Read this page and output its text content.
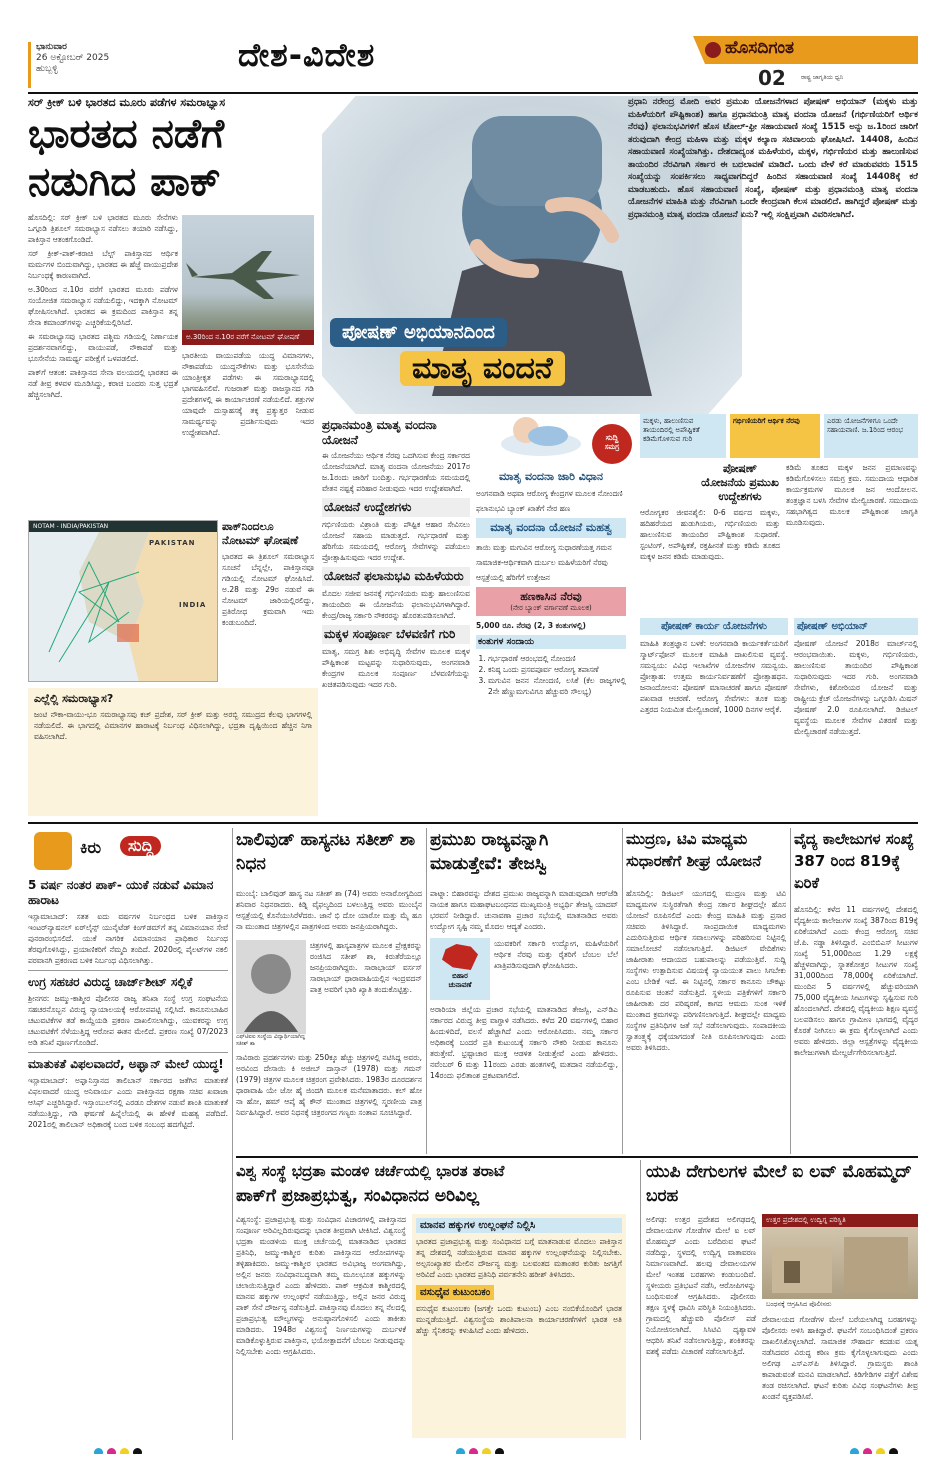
ಭಾನುವಾರ
26 ಅಕ್ಟೋಬರ್ 2025
ಹುಬ್ಬಳ್ಳಿ	ದೇಶ-ವಿದೇಶ	ಹೊಸದಿಗಂತ
02	ರಾಷ್ಟ್ರ ಜಾಗೃತಿಯ ಧ್ವನಿ
ಸರ್ ಕ್ರೀಕ್ ಬಳಿ ಭಾರತದ ಮೂರು ಪಡೆಗಳ ಸಮರಾಭ್ಯಾಸ
ಭಾರತದ ನಡೆಗೆ ನಡುಗಿದ ಪಾಕ್

ಹೊಸದಿಲ್ಲಿ: ಸರ್ ಕ್ರೀಕ್ ಬಳಿ ಭಾರತದ ಮೂರು ಸೇನೆಗಳು ಒಗ್ಗೂಡಿ ತ್ರಿಶೂಲ್ ಸಮರಾಭ್ಯಾಸ ನಡೆಸಲು ತಯಾರಿ ನಡೆಸಿದ್ದು, ಪಾಕಿಸ್ತಾನ ಆತಂಕಗೊಂಡಿದೆ.

ಸರ್ ಕ್ರೀಕ್-ಪಾಕ್-ಕರಾಚಿ ಬೆಲ್ಟ್ ಪಾಕಿಸ್ತಾನದ ಆರ್ಥಿಕ ಮರ್ಮಗಳ ಬಿಂದುವಾಗಿದ್ದು, ಭಾರತದ ಈ ಹೆಜ್ಜೆ ವಾಯುಪ್ರದೇಶ ನಿರ್ಬಂಧಕ್ಕೆ ಕಾರಣವಾಗಿದೆ.

ಅ.30ರಿಂದ ನ.10ರ ವರೆಗೆ ಭಾರತದ ಮೂರು ಪಡೆಗಳ ಸಂಯೋಜಿತ ಸಮರಾಭ್ಯಾಸ ನಡೆಯಲಿದ್ದು, ಇದಕ್ಕಾಗಿ ನೋಟಮ್ ಘೋಷಿಸಲಾಗಿದೆ. ಭಾರತದ ಈ ಕ್ರಮದಿಂದ ಪಾಕಿಸ್ತಾನ ತನ್ನ ಸೇನಾ ಕಮಾಂಡ್‌ಗಳನ್ನು ಎಚ್ಚರಿಕೆಯಲ್ಲಿರಿಸಿದೆ.

ಈ ಸಮರಾಭ್ಯಾಸವು ಭಾರತದ ಪಶ್ಚಿಮ ಗಡಿಯಲ್ಲಿ ನಿರ್ಣಾಯಕ ಪ್ರದರ್ಶನವಾಗಲಿದ್ದು, ವಾಯುಪಡೆ, ನೌಕಾಪಡೆ ಮತ್ತು ಭೂಸೇನೆಯ ಸಾಮರ್ಥ್ಯ ಪರೀಕ್ಷೆಗೆ ಒಳಪಡಲಿದೆ.

ಪಾಕ್‌ಗೆ ಆತಂಕ: ಪಾಕಿಸ್ತಾನದ ಸೇನಾ ವಲಯದಲ್ಲಿ ಭಾರತದ ಈ ನಡೆ ತೀವ್ರ ಕಳವಳ ಮೂಡಿಸಿದ್ದು, ಕರಾಚಿ ಬಂದರು ಸುತ್ತ ಭದ್ರತೆ ಹೆಚ್ಚಿಸಲಾಗಿದೆ.

ಅ.30ರಿಂದ ನ.10ರ ವರೆಗೆ ನೋಟಮ್ ಘೋಷಣೆ
ಭಾರತೀಯ ವಾಯುಪಡೆಯ ಯುದ್ಧ ವಿಮಾನಗಳು, ನೌಕಾಪಡೆಯ ಯುದ್ಧನೌಕೆಗಳು ಮತ್ತು ಭೂಸೇನೆಯ ಯಾಂತ್ರೀಕೃತ ಪಡೆಗಳು ಈ ಸಮರಾಭ್ಯಾಸದಲ್ಲಿ ಭಾಗವಹಿಸಲಿವೆ. ಗುಜರಾತ್ ಮತ್ತು ರಾಜಸ್ಥಾನದ ಗಡಿ ಪ್ರದೇಶಗಳಲ್ಲಿ ಈ ಕಾರ್ಯಾಚರಣೆ ನಡೆಯಲಿದೆ. ಶತ್ರುಗಳ ಯಾವುದೇ ದುಸ್ಸಾಹಸಕ್ಕೆ ತಕ್ಕ ಪ್ರತ್ಯುತ್ತರ ನೀಡುವ ಸಾಮರ್ಥ್ಯವನ್ನು ಪ್ರದರ್ಶಿಸುವುದು ಇದರ ಉದ್ದೇಶವಾಗಿದೆ.
NOTAM - INDIA/PAKISTAN
PAKISTAN
INDIA
ಪಾಕ್‌ನಿಂದಲೂ ನೋಟಮ್ ಘೋಷಣೆ
ಭಾರತದ ಈ ತ್ರಿಶೂಲ್ ಸಮರಾಭ್ಯಾಸ ಸೂಚನೆ ಬೆನ್ನಲ್ಲೇ, ಪಾಕಿಸ್ತಾನವೂ ಗಡಿಯಲ್ಲಿ ನೋಟಮ್ ಘೋಷಿಸಿದೆ. ಅ.28 ಮತ್ತು 29ರ ನಡುವೆ ಈ ನೋಟಮ್ ಜಾರಿಯಲ್ಲಿರಲಿದ್ದು, ಪ್ರತಿರೋಧ ಕ್ರಮವಾಗಿ ಇದು ಕಂಡುಬಂದಿದೆ.
ಎಲ್ಲೆಲ್ಲಿ ಸಮರಾಭ್ಯಾಸ?
ಜಂಟಿ ನೌಕಾ-ವಾಯು-ಭೂ ಸಮರಾಭ್ಯಾಸವು ಕಚ್ ಪ್ರದೇಶ, ಸರ್ ಕ್ರೀಕ್ ಮತ್ತು ಅರಬ್ಬಿ ಸಮುದ್ರದ ಕೆಲವು ಭಾಗಗಳಲ್ಲಿ ನಡೆಯಲಿದೆ. ಈ ಭಾಗದಲ್ಲಿ ವಿಮಾನಗಳ ಹಾರಾಟಕ್ಕೆ ನಿರ್ಬಂಧ ವಿಧಿಸಲಾಗಿದ್ದು, ಭದ್ರತಾ ದೃಷ್ಟಿಯಿಂದ ಹೆಚ್ಚಿನ ನಿಗಾ ವಹಿಸಲಾಗಿದೆ.
ಪ್ರಧಾನಿ ನರೇಂದ್ರ ಮೋದಿ ಅವರ ಪ್ರಮುಖ ಯೋಜನೆಗಳಾದ ಪೋಷಣ್ ಅಭಿಯಾನ್ (ಮಕ್ಕಳು ಮತ್ತು ಮಹಿಳೆಯರಿಗೆ ಪೌಷ್ಟಿಕಾಂಶ) ಹಾಗೂ ಪ್ರಧಾನಮಂತ್ರಿ ಮಾತೃ ವಂದನಾ ಯೋಜನೆ (ಗರ್ಭಿಣಿಯರಿಗೆ ಆರ್ಥಿಕ ನೆರವು) ಫಲಾನುಭವಿಗಳಿಗೆ ಹೊಸ ಟೋಲ್-ಫ್ರೀ ಸಹಾಯವಾಣಿ ಸಂಖ್ಯೆ 1515 ಅನ್ನು ಜ.1ರಿಂದ ಜಾರಿಗೆ ತರುವುದಾಗಿ ಕೇಂದ್ರ ಮಹಿಳಾ ಮತ್ತು ಮಕ್ಕಳ ಕಲ್ಯಾಣ ಸಚಿವಾಲಯ ಘೋಷಿಸಿದೆ. 14408, ಹಿಂದಿನ ಸಹಾಯವಾಣಿ ಸಂಖ್ಯೆಯಾಗಿತ್ತು. ದೇಶದಾದ್ಯಂತ ಮಹಿಳೆಯರ, ಮಕ್ಕಳ, ಗರ್ಭಿಣಿಯರ ಮತ್ತು ಹಾಲುಣಿಸುವ ತಾಯಂದಿರ ನೆರವಿಗಾಗಿ ಸರ್ಕಾರ ಈ ಬದಲಾವಣೆ ಮಾಡಿದೆ. ಒಂದು ವೇಳೆ ಕರೆ ಮಾಡುವವರು 1515 ಸಂಖ್ಯೆಯನ್ನು ಸಂಪರ್ಕಿಸಲು ಸಾಧ್ಯವಾಗದಿದ್ದರೆ ಹಿಂದಿನ ಸಹಾಯವಾಣಿ ಸಂಖ್ಯೆ 14408ಕ್ಕೆ ಕರೆ ಮಾಡಬಹುದು. ಹೊಸ ಸಹಾಯವಾಣಿ ಸಂಖ್ಯೆ, ಪೋಷಣ್ ಮತ್ತು ಪ್ರಧಾನಮಂತ್ರಿ ಮಾತೃ ವಂದನಾ ಯೋಜನೆಗಳ ಮಾಹಿತಿ ಮತ್ತು ನೆರವಿಗಾಗಿ ಒಂದೇ ಕೇಂದ್ರವಾಗಿ ಕೆಲಸ ಮಾಡಲಿದೆ. ಹಾಗಿದ್ದರೆ ಪೋಷಣ್ ಮತ್ತು ಪ್ರಧಾನಮಂತ್ರಿ ಮಾತೃ ವಂದನಾ ಯೋಜನೆ ಏನು? ಇಲ್ಲಿ ಸಂಕ್ಷಿಪ್ತವಾಗಿ ವಿವರಿಸಲಾಗಿದೆ.
ಪೋಷಣ್ ಅಭಿಯಾನದಿಂದ ಮಾತೃ ವಂದನೆ
ಸುದ್ದಿ
ಸಮಗ್ರ
ಪ್ರಧಾನಮಂತ್ರಿ ಮಾತೃ ವಂದನಾ ಯೋಜನೆ
ಈ ಯೋಜನೆಯು ಆರ್ಥಿಕ ನೆರವು ಒದಗಿಸುವ ಕೇಂದ್ರ ಸರ್ಕಾರದ ಯೋಜನೆಯಾಗಿದೆ. ಮಾತೃ ವಂದನಾ ಯೋಜನೆಯು 2017ರ ಜ.1ರಂದು ಜಾರಿಗೆ ಬಂದಿತ್ತು. ಗರ್ಭಧಾರಣೆಯ ಸಮಯದಲ್ಲಿ ವೇತನ ನಷ್ಟಕ್ಕೆ ಪರಿಹಾರ ನೀಡುವುದು ಇದರ ಉದ್ದೇಶವಾಗಿದೆ.
ಯೋಜನೆ ಉದ್ದೇಶಗಳು
ಗರ್ಭಿಣಿಯರು ವಿಶ್ರಾಂತಿ ಮತ್ತು ಪೌಷ್ಟಿಕ ಆಹಾರ ಸೇವಿಸಲು ಯೋಜನೆ ಸಹಾಯ ಮಾಡುತ್ತದೆ. ಗರ್ಭಧಾರಣೆ ಮತ್ತು ಹೆರಿಗೆಯ ಸಮಯದಲ್ಲಿ ಆರೋಗ್ಯ ಸೇವೆಗಳನ್ನು ಪಡೆಯಲು ಪ್ರೋತ್ಸಾಹಿಸುವುದು ಇದರ ಉದ್ದೇಶ.
ಯೋಜನೆ ಫಲಾನುಭವಿ ಮಹಿಳೆಯರು
ಮೊದಲ ಸಜೀವ ಜನನಕ್ಕೆ ಗರ್ಭಿಣಿಯರು ಮತ್ತು ಹಾಲುಣಿಸುವ ತಾಯಂದಿರು ಈ ಯೋಜನೆಯ ಫಲಾನುಭವಿಗಳಾಗಿದ್ದಾರೆ. ಕೇಂದ್ರ/ರಾಜ್ಯ ಸರ್ಕಾರಿ ನೌಕರರನ್ನು ಹೊರತುಪಡಿಸಲಾಗಿದೆ.
ಮಕ್ಕಳ ಸಂಪೂರ್ಣ ಬೆಳವಣಿಗೆ ಗುರಿ
ಮಾತೃ, ಸಮಗ್ರ ಶಿಶು ಅಭಿವೃದ್ಧಿ ಸೇವೆಗಳ ಮೂಲಕ ಮಕ್ಕಳ ಪೌಷ್ಟಿಕಾಂಶ ಮಟ್ಟವನ್ನು ಸುಧಾರಿಸುವುದು, ಅಂಗನವಾಡಿ ಕೇಂದ್ರಗಳ ಮೂಲಕ ಸಂಪೂರ್ಣ ಬೆಳವಣಿಗೆಯನ್ನು ಖಚಿತಪಡಿಸುವುದು ಇದರ ಗುರಿ.
ಮಾತೃ ವಂದನಾ ಜಾರಿ ವಿಧಾನ
ಅಂಗನವಾಡಿ ಅಥವಾ ಆರೋಗ್ಯ ಕೇಂದ್ರಗಳ ಮೂಲಕ ನೋಂದಣಿ
ಫಲಾನುಭವಿ ಬ್ಯಾಂಕ್ ಖಾತೆಗೆ ನೇರ ಹಣ
ಮಾತೃ ವಂದನಾ ಯೋಜನೆ ಮಹತ್ವ
ತಾಯಿ ಮತ್ತು ಮಗುವಿನ ಆರೋಗ್ಯ ಸುಧಾರಣೆಯತ್ತ ಗಮನ
ಸಾಮಾಜಿಕ-ಆರ್ಥಿಕವಾಗಿ ದುರ್ಬಲ ಮಹಿಳೆಯರಿಗೆ ನೆರವು
ಆಸ್ಪತ್ರೆಯಲ್ಲಿ ಹೆರಿಗೆಗೆ ಉತ್ತೇಜನ
ಹಣಕಾಸಿನ ನೆರವು
(ನೇರ ಬ್ಯಾಂಕ್ ವರ್ಗಾವಣೆ ಮೂಲಕ)
5,000 ರೂ. ನೆರವು (2, 3 ಕಂತುಗಳಲ್ಲಿ)
ಕಂತುಗಳ ಸಂದಾಯ
1. ಗರ್ಭಧಾರಣೆ ಆರಂಭದಲ್ಲಿ ನೋಂದಣಿ
2. ಕನಿಷ್ಠ ಒಂದು ಪ್ರಸವಪೂರ್ವ ಆರೋಗ್ಯ ತಪಾಸಣೆ
3. ಮಗುವಿನ ಜನನ ನೋಂದಣಿ, ಲಸಿಕೆ (ಕೆಲ ರಾಜ್ಯಗಳಲ್ಲಿ 2ನೇ ಹೆಣ್ಣುಮಗುವಿಗೂ ಹೆಚ್ಚುವರಿ ಸೌಲಭ್ಯ)
ಮಕ್ಕಳು, ಹಾಲುಣಿಸುವ ತಾಯಂದಿರಲ್ಲಿ ಅಪೌಷ್ಟಿಕತೆ ಕಡಿಮೆಗೊಳಿಸುವ ಗುರಿ
ಗರ್ಭಿಣಿಯರಿಗೆ ಆರ್ಥಿಕ ನೆರವು	ಎರಡು ಯೋಜನೆಗಳಿಗೂ ಒಂದೇ ಸಹಾಯವಾಣಿ. ಜ.1ರಿಂದ ಆರಂಭ
ಪೋಷಣ್ ಯೋಜನೆಯ ಪ್ರಮುಖ ಉದ್ದೇಶಗಳು
ಆರೋಗ್ಯಕರ ಜೀವನಶೈಲಿ: 0-6 ವರ್ಷದ ಮಕ್ಕಳು, ಹದಿಹರೆಯದ ಹುಡುಗಿಯರು, ಗರ್ಭಿಣಿಯರು ಮತ್ತು ಹಾಲುಣಿಸುವ ತಾಯಂದಿರ ಪೌಷ್ಟಿಕಾಂಶ ಸುಧಾರಣೆ. ಸ್ಟಂಟಿಂಗ್, ಅಪೌಷ್ಟಿಕತೆ, ರಕ್ತಹೀನತೆ ಮತ್ತು ಕಡಿಮೆ ತೂಕದ ಮಕ್ಕಳ ಜನನ ಕಡಿಮೆ ಮಾಡುವುದು.
ಕಡಿಮೆ ತೂಕದ ಮಕ್ಕಳ ಜನನ ಪ್ರಮಾಣವನ್ನು ಕಡಿಮೆಗೊಳಿಸಲು ಸಮಗ್ರ ಕ್ರಮ. ಸಮುದಾಯ ಆಧಾರಿತ ಕಾರ್ಯಕ್ರಮಗಳ ಮೂಲಕ ಜನ ಆಂದೋಲನ. ತಂತ್ರಜ್ಞಾನ ಬಳಸಿ ಸೇವೆಗಳ ಮೇಲ್ವಿಚಾರಣೆ. ಸಮುದಾಯ ಸಹಭಾಗಿತ್ವದ ಮೂಲಕ ಪೌಷ್ಟಿಕಾಂಶ ಜಾಗೃತಿ ಮೂಡಿಸುವುದು.
ಪೋಷಣ್ ಕಾರ್ಯ ಯೋಜನೆಗಳು
ಮಾಹಿತಿ ತಂತ್ರಜ್ಞಾನ ಬಳಕೆ: ಅಂಗನವಾಡಿ ಕಾರ್ಯಕರ್ತೆಯರಿಗೆ ಸ್ಮಾರ್ಟ್‌ಫೋನ್ ಮೂಲಕ ಮಾಹಿತಿ ದಾಖಲಿಸುವ ವ್ಯವಸ್ಥೆ. ಸಮನ್ವಯ: ವಿವಿಧ ಇಲಾಖೆಗಳ ಯೋಜನೆಗಳ ಸಮನ್ವಯ. ಪ್ರೋತ್ಸಾಹ: ಉತ್ತಮ ಕಾರ್ಯನಿರ್ವಹಣೆಗೆ ಪ್ರೋತ್ಸಾಹಧನ. ಜನಾಂದೋಲನ: ಪೋಷಣ್ ಮಾಸಾಚರಣೆ ಹಾಗೂ ಪೋಷಣ್ ಪಖವಾಡ ಆಚರಣೆ. ಆರೋಗ್ಯ ಸೇವೆಗಳು: ತೂಕ ಮತ್ತು ಎತ್ತರದ ನಿಯಮಿತ ಮೇಲ್ವಿಚಾರಣೆ, 1000 ದಿನಗಳ ಆರೈಕೆ.
ಪೋಷಣ್ ಅಭಿಯಾನ್
ಪೋಷಣ್ ಯೋಜನೆ 2018ರ ಮಾರ್ಚ್‌ನಲ್ಲಿ ಆರಂಭವಾಯಿತು. ಮಕ್ಕಳು, ಗರ್ಭಿಣಿಯರು, ಹಾಲುಣಿಸುವ ತಾಯಂದಿರ ಪೌಷ್ಟಿಕಾಂಶ ಸುಧಾರಿಸುವುದು ಇದರ ಗುರಿ. ಅಂಗನವಾಡಿ ಸೇವೆಗಳು, ಕಿಶೋರಿಯರ ಯೋಜನೆ ಮತ್ತು ರಾಷ್ಟ್ರೀಯ ಕ್ರೆಚ್ ಯೋಜನೆಗಳನ್ನು ಒಗ್ಗೂಡಿಸಿ ಮಿಷನ್ ಪೋಷಣ್ 2.0 ರೂಪಿಸಲಾಗಿದೆ. ಡಿಜಿಟಲ್ ವ್ಯವಸ್ಥೆಯ ಮೂಲಕ ಸೇವೆಗಳ ವಿತರಣೆ ಮತ್ತು ಮೇಲ್ವಿಚಾರಣೆ ನಡೆಯುತ್ತದೆ.
ಕಿರು	ಸುದ್ದಿ
5 ವರ್ಷ ನಂತರ ಪಾಕ್- ಯುಕೆ ನಡುವೆ ವಿಮಾನ ಹಾರಾಟ
ಇಸ್ಲಾಮಾಬಾದ್: ಸತತ ಐದು ವರ್ಷಗಳ ನಿರ್ಬಂಧದ ಬಳಿಕ ಪಾಕಿಸ್ತಾನ ಇಂಟರ್‌ನ್ಯಾಷನಲ್ ಏರ್‌ಲೈನ್ಸ್ ಯುನೈಟೆಡ್ ಕಿಂಗ್‌ಡಮ್‌ಗೆ ತನ್ನ ವಿಮಾನಯಾನ ಸೇವೆ ಪುನರಾರಂಭಿಸಲಿದೆ. ಯುಕೆ ನಾಗರಿಕ ವಿಮಾನಯಾನ ಪ್ರಾಧಿಕಾರ ನಿರ್ಬಂಧ ತೆರವುಗೊಳಿಸಿದ್ದು, ಪ್ರಯಾಣಿಕರಿಗೆ ನೆಮ್ಮದಿ ತಂದಿದೆ. 2020ರಲ್ಲಿ ಪೈಲಟ್‌ಗಳ ನಕಲಿ ಪರವಾನಗಿ ಪ್ರಕರಣದ ಬಳಿಕ ನಿರ್ಬಂಧ ವಿಧಿಸಲಾಗಿತ್ತು.
ಉಗ್ರ ಸಹಚರ ವಿರುದ್ಧ ಚಾರ್ಜ್‌ಶೀಟ್ ಸಲ್ಲಿಕೆ
ಶ್ರೀನಗರ: ಜಮ್ಮು-ಕಾಶ್ಮೀರ ಪೊಲೀಸರ ರಾಜ್ಯ ತನಿಖಾ ಸಂಸ್ಥೆ ಉಗ್ರ ಸಂಘಟನೆಯ ಸಹಚರನೊಬ್ಬನ ವಿರುದ್ಧ ನ್ಯಾಯಾಲಯಕ್ಕೆ ಆರೋಪಪಟ್ಟಿ ಸಲ್ಲಿಸಿದೆ. ಕಾನೂನುಬಾಹಿರ ಚಟುವಟಿಕೆಗಳ ತಡೆ ಕಾಯ್ದೆಯಡಿ ಪ್ರಕರಣ ದಾಖಲಿಸಲಾಗಿದ್ದು, ಯುವಕರನ್ನು ಉಗ್ರ ಚಟುವಟಿಕೆಗೆ ಸೆಳೆಯುತ್ತಿದ್ದ ಆರೋಪ ಈತನ ಮೇಲಿದೆ. ಪ್ರಕರಣ ಸಂಖ್ಯೆ 07/2023 ಅಡಿ ತನಿಖೆ ಪೂರ್ಣಗೊಂಡಿದೆ.
ಮಾತುಕತೆ ವಿಫಲವಾದರೆ, ಅಫ್ಘಾನ್ ಮೇಲೆ ಯುದ್ಧ!
ಇಸ್ಲಾಮಾಬಾದ್: ಅಫ್ಘಾನಿಸ್ತಾನದ ತಾಲಿಬಾನ್ ಸರ್ಕಾರದ ಜತೆಗಿನ ಮಾತುಕತೆ ವಿಫಲವಾದರೆ ಯುದ್ಧ ಅನಿವಾರ್ಯ ಎಂದು ಪಾಕಿಸ್ತಾನದ ರಕ್ಷಣಾ ಸಚಿವ ಖವಾಜಾ ಆಸಿಫ್ ಎಚ್ಚರಿಸಿದ್ದಾರೆ. ಇಸ್ತಾಂಬುಲ್‌ನಲ್ಲಿ ಎರಡೂ ದೇಶಗಳ ನಡುವೆ ಶಾಂತಿ ಮಾತುಕತೆ ನಡೆಯುತ್ತಿದ್ದು, ಗಡಿ ಘರ್ಷಣೆ ಹಿನ್ನೆಲೆಯಲ್ಲಿ ಈ ಹೇಳಿಕೆ ಮಹತ್ವ ಪಡೆದಿದೆ. 2021ರಲ್ಲಿ ತಾಲಿಬಾನ್ ಅಧಿಕಾರಕ್ಕೆ ಬಂದ ಬಳಿಕ ಸಂಬಂಧ ಹದಗೆಟ್ಟಿದೆ.
ಬಾಲಿವುಡ್ ಹಾಸ್ಯನಟ ಸತೀಶ್ ಶಾ ನಿಧನ
ಮುಂಬೈ: ಬಾಲಿವುಡ್ ಹಾಸ್ಯ ನಟ ಸತೀಶ್ ಶಾ (74) ಅವರು ಅನಾರೋಗ್ಯದಿಂದ ಶನಿವಾರ ನಿಧನರಾದರು. ಕಿಡ್ನಿ ವೈಫಲ್ಯದಿಂದ ಬಳಲುತ್ತಿದ್ದ ಅವರು ಮುಂಬೈನ ಆಸ್ಪತ್ರೆಯಲ್ಲಿ ಕೊನೆಯುಸಿರೆಳೆದರು. ಜಾನೆ ಭಿ ದೋ ಯಾರೋ ಮತ್ತು ಮೈ ಹೂ ನಾ ಮುಂತಾದ ಚಿತ್ರಗಳಲ್ಲಿನ ಪಾತ್ರಗಳಿಂದ ಅವರು ಜನಪ್ರಿಯರಾಗಿದ್ದರು.
ಎಫ್‌ಟಿಐಐ ಸಂಸ್ಥೆಯ ವಿದ್ಯಾರ್ಥಿಯಾಗಿದ್ದ ಸತೀಶ್ ಶಾ
ಚಿತ್ರಗಳಲ್ಲಿ ಹಾಸ್ಯಪಾತ್ರಗಳ ಮೂಲಕ ಪ್ರೇಕ್ಷಕರನ್ನು ರಂಜಿಸಿದ ಸತೀಶ್ ಶಾ, ಕಿರುತೆರೆಯಲ್ಲೂ ಜನಪ್ರಿಯರಾಗಿದ್ದರು. ಸಾರಾಭಾಯ್ ವರ್ಸಸ್ ಸಾರಾಭಾಯ್ ಧಾರಾವಾಹಿಯಲ್ಲಿನ ಇಂದ್ರವದನ್ ಪಾತ್ರ ಅವರಿಗೆ ಭಾರಿ ಖ್ಯಾತಿ ತಂದುಕೊಟ್ಟಿತ್ತು.
ಸಾವಿರಾರು ಪ್ರದರ್ಶನಗಳು ಮತ್ತು 250ಕ್ಕೂ ಹೆಚ್ಚು ಚಿತ್ರಗಳಲ್ಲಿ ನಟಿಸಿದ್ದ ಅವರು, ಅರವಿಂದ ದೇಸಾಯಿ ಕಿ ಅಜೀಬ್ ದಾಸ್ತಾನ್ (1978) ಮತ್ತು ಗಮನ್ (1979) ಚಿತ್ರಗಳ ಮೂಲಕ ಚಿತ್ರರಂಗ ಪ್ರವೇಶಿಸಿದರು. 1983ರ ದೂರದರ್ಶನ ಧಾರಾವಾಹಿ ಯೇ ಜೋ ಹೈ ಜಿಂದಗಿ ಮೂಲಕ ಮನೆಮಾತಾದರು. ಕಲ್ ಹೋ ನಾ ಹೋ, ಹಮ್ ಆಪ್ಕೆ ಹೈ ಕೌನ್ ಮುಂತಾದ ಚಿತ್ರಗಳಲ್ಲಿ ಸ್ಮರಣೀಯ ಪಾತ್ರ ನಿರ್ವಹಿಸಿದ್ದಾರೆ. ಅವರ ನಿಧನಕ್ಕೆ ಚಿತ್ರರಂಗದ ಗಣ್ಯರು ಸಂತಾಪ ಸೂಚಿಸಿದ್ದಾರೆ.
ಪ್ರಮುಖ ರಾಜ್ಯವನ್ನಾಗಿ ಮಾಡುತ್ತೇವೆ: ತೇಜಸ್ವಿ
ಪಾಟ್ನಾ: ಬಿಹಾರವನ್ನು ದೇಶದ ಪ್ರಮುಖ ರಾಜ್ಯವನ್ನಾಗಿ ಮಾಡುವುದಾಗಿ ಆರ್‌ಜೆಡಿ ನಾಯಕ ಹಾಗೂ ಮಹಾಘಟಬಂಧನದ ಮುಖ್ಯಮಂತ್ರಿ ಅಭ್ಯರ್ಥಿ ತೇಜಸ್ವಿ ಯಾದವ್ ಭರವಸೆ ನೀಡಿದ್ದಾರೆ. ಚುನಾವಣಾ ಪ್ರಚಾರ ಸಭೆಯಲ್ಲಿ ಮಾತನಾಡಿದ ಅವರು ಉದ್ಯೋಗ ಸೃಷ್ಟಿ ನಮ್ಮ ಮೊದಲ ಆದ್ಯತೆ ಎಂದರು.
ಬಿಹಾರ
ಚುನಾವಣೆ
ಯುವಕರಿಗೆ ಸರ್ಕಾರಿ ಉದ್ಯೋಗ, ಮಹಿಳೆಯರಿಗೆ ಆರ್ಥಿಕ ನೆರವು ಮತ್ತು ರೈತರಿಗೆ ಬೆಂಬಲ ಬೆಲೆ ಖಾತ್ರಿಪಡಿಸುವುದಾಗಿ ಘೋಷಿಸಿದರು.
ಅರಾರಿಯಾ ಜಿಲ್ಲೆಯ ಪ್ರಚಾರ ಸಭೆಯಲ್ಲಿ ಮಾತನಾಡಿದ ತೇಜಸ್ವಿ, ಎನ್‌ಡಿಎ ಸರ್ಕಾರದ ವಿರುದ್ಧ ತೀವ್ರ ವಾಗ್ದಾಳಿ ನಡೆಸಿದರು. ಕಳೆದ 20 ವರ್ಷಗಳಲ್ಲಿ ಬಿಹಾರ ಹಿಂದುಳಿದಿದೆ, ವಲಸೆ ಹೆಚ್ಚಾಗಿದೆ ಎಂದು ಆರೋಪಿಸಿದರು. ನಮ್ಮ ಸರ್ಕಾರ ಅಧಿಕಾರಕ್ಕೆ ಬಂದರೆ ಪ್ರತಿ ಕುಟುಂಬಕ್ಕೆ ಸರ್ಕಾರಿ ನೌಕರಿ ನೀಡುವ ಕಾನೂನು ತರುತ್ತೇವೆ. ಭ್ರಷ್ಟಾಚಾರ ಮುಕ್ತ ಆಡಳಿತ ನೀಡುತ್ತೇವೆ ಎಂದು ಹೇಳಿದರು. ನವೆಂಬರ್ 6 ಮತ್ತು 11ರಂದು ಎರಡು ಹಂತಗಳಲ್ಲಿ ಮತದಾನ ನಡೆಯಲಿದ್ದು, 14ರಂದು ಫಲಿತಾಂಶ ಪ್ರಕಟವಾಗಲಿದೆ.
ಮುದ್ರಣ, ಟಿವಿ ಮಾಧ್ಯಮ ಸುಧಾರಣೆಗೆ ಶೀಘ್ರ ಯೋಜನೆ
ಹೊಸದಿಲ್ಲಿ: ಡಿಜಿಟಲ್ ಯುಗದಲ್ಲಿ ಮುದ್ರಣ ಮತ್ತು ಟಿವಿ ಮಾಧ್ಯಮಗಳ ಸುಸ್ಥಿರತೆಗಾಗಿ ಕೇಂದ್ರ ಸರ್ಕಾರ ಶೀಘ್ರದಲ್ಲೇ ಹೊಸ ಯೋಜನೆ ರೂಪಿಸಲಿದೆ ಎಂದು ಕೇಂದ್ರ ಮಾಹಿತಿ ಮತ್ತು ಪ್ರಸಾರ ಸಚಿವರು ತಿಳಿಸಿದ್ದಾರೆ. ಸಾಂಪ್ರದಾಯಿಕ ಮಾಧ್ಯಮಗಳು ಎದುರಿಸುತ್ತಿರುವ ಆರ್ಥಿಕ ಸವಾಲುಗಳನ್ನು ಪರಿಹರಿಸುವ ನಿಟ್ಟಿನಲ್ಲಿ ಸಮಾಲೋಚನೆ ನಡೆಸಲಾಗುತ್ತಿದೆ. ಡಿಜಿಟಲ್ ವೇದಿಕೆಗಳು ಜಾಹೀರಾತು ಆದಾಯದ ಬಹುಪಾಲನ್ನು ಪಡೆಯುತ್ತಿವೆ. ಸುದ್ದಿ ಸಂಸ್ಥೆಗಳು ಉತ್ಪಾದಿಸುವ ವಿಷಯಕ್ಕೆ ನ್ಯಾಯಯುತ ಪಾಲು ಸಿಗಬೇಕು ಎಂಬ ಬೇಡಿಕೆ ಇದೆ. ಈ ನಿಟ್ಟಿನಲ್ಲಿ ಸರ್ಕಾರ ಕಾನೂನು ಚೌಕಟ್ಟು ರೂಪಿಸುವ ಚಿಂತನೆ ನಡೆಸುತ್ತಿದೆ. ಸ್ಥಳೀಯ ಪತ್ರಿಕೆಗಳಿಗೆ ಸರ್ಕಾರಿ ಜಾಹೀರಾತು ದರ ಪರಿಷ್ಕರಣೆ, ಕಾಗದ ಆಮದು ಸುಂಕ ಇಳಿಕೆ ಮುಂತಾದ ಕ್ರಮಗಳನ್ನು ಪರಿಗಣಿಸಲಾಗುತ್ತಿದೆ. ಶೀಘ್ರದಲ್ಲೇ ಮಾಧ್ಯಮ ಸಂಸ್ಥೆಗಳ ಪ್ರತಿನಿಧಿಗಳ ಜತೆ ಸಭೆ ನಡೆಸಲಾಗುವುದು. ಸಂಪಾದಕೀಯ ಸ್ವಾತಂತ್ರ್ಯಕ್ಕೆ ಧಕ್ಕೆಯಾಗದಂತೆ ನೀತಿ ರೂಪಿಸಲಾಗುವುದು ಎಂದು ಅವರು ತಿಳಿಸಿದರು.
ವೈದ್ಯ ಕಾಲೇಜುಗಳ ಸಂಖ್ಯೆ 387 ರಿಂದ 819ಕ್ಕೆ ಏರಿಕೆ
ಹೊಸದಿಲ್ಲಿ: ಕಳೆದ 11 ವರ್ಷಗಳಲ್ಲಿ ದೇಶದಲ್ಲಿ ವೈದ್ಯಕೀಯ ಕಾಲೇಜುಗಳ ಸಂಖ್ಯೆ 387ರಿಂದ 819ಕ್ಕೆ ಏರಿಕೆಯಾಗಿದೆ ಎಂದು ಕೇಂದ್ರ ಆರೋಗ್ಯ ಸಚಿವ ಜೆ.ಪಿ. ನಡ್ಡಾ ತಿಳಿಸಿದ್ದಾರೆ. ಎಂಬಿಬಿಎಸ್ ಸೀಟುಗಳ ಸಂಖ್ಯೆ 51,000ದಿಂದ 1.29 ಲಕ್ಷಕ್ಕೆ ಹೆಚ್ಚಳವಾಗಿದ್ದು, ಸ್ನಾತಕೋತ್ತರ ಸೀಟುಗಳ ಸಂಖ್ಯೆ 31,000ದಿಂದ 78,000ಕ್ಕೆ ಏರಿಕೆಯಾಗಿದೆ. ಮುಂದಿನ 5 ವರ್ಷಗಳಲ್ಲಿ ಹೆಚ್ಚುವರಿಯಾಗಿ 75,000 ವೈದ್ಯಕೀಯ ಸೀಟುಗಳನ್ನು ಸೃಷ್ಟಿಸುವ ಗುರಿ ಹೊಂದಲಾಗಿದೆ. ದೇಶದಲ್ಲಿ ವೈದ್ಯಕೀಯ ಶಿಕ್ಷಣ ವ್ಯವಸ್ಥೆ ಬಲಪಡಿಸಲು ಹಾಗೂ ಗ್ರಾಮೀಣ ಭಾಗದಲ್ಲಿ ವೈದ್ಯರ ಕೊರತೆ ನೀಗಿಸಲು ಈ ಕ್ರಮ ಕೈಗೊಳ್ಳಲಾಗಿದೆ ಎಂದು ಅವರು ಹೇಳಿದರು. ಜಿಲ್ಲಾ ಆಸ್ಪತ್ರೆಗಳನ್ನು ವೈದ್ಯಕೀಯ ಕಾಲೇಜುಗಳಾಗಿ ಮೇಲ್ದರ್ಜೆಗೇರಿಸಲಾಗುತ್ತಿದೆ.
ವಿಶ್ವ ಸಂಸ್ಥೆ ಭದ್ರತಾ ಮಂಡಳಿ ಚರ್ಚೆಯಲ್ಲಿ ಭಾರತ ತರಾಟೆ
ಪಾಕ್‌ಗೆ ಪ್ರಜಾಪ್ರಭುತ್ವ, ಸಂವಿಧಾನದ ಅರಿವಿಲ್ಲ
ವಿಶ್ವಸಂಸ್ಥೆ: ಪ್ರಜಾಪ್ರಭುತ್ವ ಮತ್ತು ಸಂವಿಧಾನ ವಿಚಾರಗಳಲ್ಲಿ ಪಾಕಿಸ್ತಾನದ ಸಂಪೂರ್ಣ ಅರಿವಿಲ್ಲದಿರುವುದನ್ನು ಭಾರತ ತೀವ್ರವಾಗಿ ಟೀಕಿಸಿದೆ. ವಿಶ್ವಸಂಸ್ಥೆ ಭದ್ರತಾ ಮಂಡಳಿಯ ಮುಕ್ತ ಚರ್ಚೆಯಲ್ಲಿ ಮಾತನಾಡಿದ ಭಾರತದ ಪ್ರತಿನಿಧಿ, ಜಮ್ಮು-ಕಾಶ್ಮೀರ ಕುರಿತು ಪಾಕಿಸ್ತಾನದ ಆರೋಪಗಳನ್ನು ತಳ್ಳಿಹಾಕಿದರು. ಜಮ್ಮು-ಕಾಶ್ಮೀರ ಭಾರತದ ಅವಿಭಾಜ್ಯ ಅಂಗವಾಗಿದ್ದು, ಅಲ್ಲಿನ ಜನರು ಸಂವಿಧಾನಬದ್ಧವಾಗಿ ತಮ್ಮ ಮೂಲಭೂತ ಹಕ್ಕುಗಳನ್ನು ಚಲಾಯಿಸುತ್ತಿದ್ದಾರೆ ಎಂದು ಹೇಳಿದರು. ಪಾಕ್ ಆಕ್ರಮಿತ ಕಾಶ್ಮೀರದಲ್ಲಿ ಮಾನವ ಹಕ್ಕುಗಳ ಉಲ್ಲಂಘನೆ ನಡೆಯುತ್ತಿದ್ದು, ಅಲ್ಲಿನ ಜನರ ವಿರುದ್ಧ ಪಾಕ್ ಸೇನೆ ದೌರ್ಜನ್ಯ ನಡೆಸುತ್ತಿದೆ. ಪಾಕಿಸ್ತಾನವು ಮೊದಲು ತನ್ನ ನೆಲದಲ್ಲಿ ಪ್ರಜಾಪ್ರಭುತ್ವ ಮೌಲ್ಯಗಳನ್ನು ಅನುಷ್ಠಾನಗೊಳಿಸಲಿ ಎಂದು ತಾಕೀತು ಮಾಡಿದರು. 1948ರ ವಿಶ್ವಸಂಸ್ಥೆ ನಿರ್ಣಯಗಳನ್ನು ದುರ್ಬಳಕೆ ಮಾಡಿಕೊಳ್ಳುತ್ತಿರುವ ಪಾಕಿಸ್ತಾನ, ಭಯೋತ್ಪಾದನೆಗೆ ಬೆಂಬಲ ನೀಡುವುದನ್ನು ನಿಲ್ಲಿಸಬೇಕು ಎಂದು ಆಗ್ರಹಿಸಿದರು.
ಮಾನವ ಹಕ್ಕುಗಳ ಉಲ್ಲಂಘನೆ ನಿಲ್ಲಿಸಿ
ಭಾರತದ ಪ್ರಜಾಪ್ರಭುತ್ವ ಮತ್ತು ಸಂವಿಧಾನದ ಬಗ್ಗೆ ಮಾತನಾಡುವ ಮೊದಲು ಪಾಕಿಸ್ತಾನ ತನ್ನ ದೇಶದಲ್ಲಿ ನಡೆಯುತ್ತಿರುವ ಮಾನವ ಹಕ್ಕುಗಳ ಉಲ್ಲಂಘನೆಯನ್ನು ನಿಲ್ಲಿಸಬೇಕು. ಅಲ್ಪಸಂಖ್ಯಾತರ ಮೇಲಿನ ದೌರ್ಜನ್ಯ ಮತ್ತು ಬಲವಂತದ ಮತಾಂತರ ಕುರಿತು ಜಗತ್ತಿಗೆ ಅರಿವಿದೆ ಎಂದು ಭಾರತದ ಪ್ರತಿನಿಧಿ ಪರ್ವತನೇನಿ ಹರೀಶ್ ತಿಳಿಸಿದರು.
ವಸುಧೈವ ಕುಟುಂಬಕಂ
ವಸುಧೈವ ಕುಟುಂಬಕಂ (ಜಗತ್ತೇ ಒಂದು ಕುಟುಂಬ) ಎಂಬ ನಂಬಿಕೆಯೊಂದಿಗೆ ಭಾರತ ಮುನ್ನಡೆಯುತ್ತಿದೆ. ವಿಶ್ವಸಂಸ್ಥೆಯ ಶಾಂತಿಪಾಲನಾ ಕಾರ್ಯಾಚರಣೆಗಳಿಗೆ ಭಾರತ ಅತಿ ಹೆಚ್ಚು ಸೈನಿಕರನ್ನು ಕಳುಹಿಸಿದೆ ಎಂದು ಹೇಳಿದರು.
ಯುಪಿ ದೇಗುಲಗಳ ಮೇಲೆ ಐ ಲವ್ ಮೊಹಮ್ಮದ್ ಬರಹ
ಅಲಿಗಢ: ಉತ್ತರ ಪ್ರದೇಶದ ಅಲಿಗಢದಲ್ಲಿ ದೇವಾಲಯಗಳ ಗೋಡೆಗಳ ಮೇಲೆ ಐ ಲವ್ ಮೊಹಮ್ಮದ್ ಎಂದು ಬರೆದಿರುವ ಘಟನೆ ನಡೆದಿದ್ದು, ಸ್ಥಳದಲ್ಲಿ ಉದ್ವಿಗ್ನ ವಾತಾವರಣ ನಿರ್ಮಾಣವಾಗಿದೆ. ಹಲವು ದೇವಾಲಯಗಳ ಮೇಲೆ ಇಂತಹ ಬರಹಗಳು ಕಂಡುಬಂದಿವೆ. ಸ್ಥಳೀಯರು ಪ್ರತಿಭಟನೆ ನಡೆಸಿ, ಆರೋಪಿಗಳನ್ನು ಬಂಧಿಸುವಂತೆ ಆಗ್ರಹಿಸಿದರು. ಪೊಲೀಸರು ತಕ್ಷಣ ಸ್ಥಳಕ್ಕೆ ಧಾವಿಸಿ ಪರಿಸ್ಥಿತಿ ನಿಯಂತ್ರಿಸಿದರು. ಗ್ರಾಮದಲ್ಲಿ ಹೆಚ್ಚುವರಿ ಪೊಲೀಸ್ ಪಡೆ ನಿಯೋಜಿಸಲಾಗಿದೆ. ಸಿಸಿಟಿವಿ ದೃಶ್ಯಾವಳಿ ಆಧರಿಸಿ ತನಿಖೆ ನಡೆಸಲಾಗುತ್ತಿದ್ದು, ಶಂಕಿತರನ್ನು ವಶಕ್ಕೆ ಪಡೆದು ವಿಚಾರಣೆ ನಡೆಸಲಾಗುತ್ತಿದೆ.
ಉತ್ತರ ಪ್ರದೇಶದಲ್ಲಿ ಉದ್ವಿಗ್ನ ಪರಿಸ್ಥಿತಿ
ಬಂಧನಕ್ಕೆ ಆಗ್ರಹಿಸಿದ ಪೊಲೀಸರು
ದೇವಾಲಯದ ಗೋಡೆಗಳ ಮೇಲೆ ಬರೆಯಲಾಗಿದ್ದ ಬರಹಗಳನ್ನು ಪೊಲೀಸರು ಅಳಿಸಿ ಹಾಕಿದ್ದಾರೆ. ಘಟನೆಗೆ ಸಂಬಂಧಿಸಿದಂತೆ ಪ್ರಕರಣ ದಾಖಲಿಸಿಕೊಳ್ಳಲಾಗಿದೆ. ಸಾಮಾಜಿಕ ಸೌಹಾರ್ದ ಕದಡುವ ಯತ್ನ ನಡೆಸಿದವರ ವಿರುದ್ಧ ಕಠಿಣ ಕ್ರಮ ಕೈಗೊಳ್ಳಲಾಗುವುದು ಎಂದು ಅಲಿಗಢ ಎಸ್‌ಎಸ್‌ಪಿ ತಿಳಿಸಿದ್ದಾರೆ. ಗ್ರಾಮಸ್ಥರು ಶಾಂತಿ ಕಾಪಾಡುವಂತೆ ಮನವಿ ಮಾಡಲಾಗಿದೆ. ಕಿಡಿಗೇಡಿಗಳ ಪತ್ತೆಗೆ ವಿಶೇಷ ತಂಡ ರಚಿಸಲಾಗಿದೆ. ಘಟನೆ ಕುರಿತು ವಿವಿಧ ಸಂಘಟನೆಗಳು ತೀವ್ರ ಖಂಡನೆ ವ್ಯಕ್ತಪಡಿಸಿವೆ.
